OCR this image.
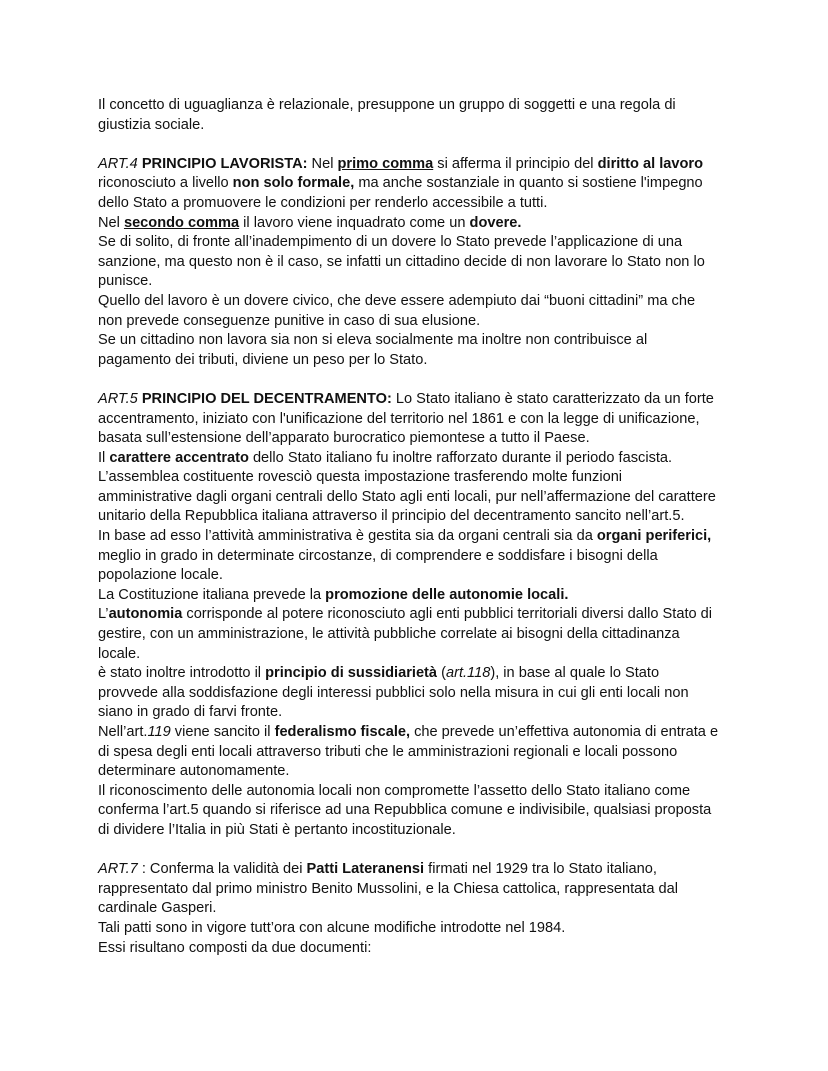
Il concetto di uguaglianza è relazionale, presuppone un gruppo di soggetti e una regola di
giustizia sociale.
ART.4 PRINCIPIO LAVORISTA: Nel primo comma si afferma il principio del diritto al lavoro
riconosciuto a livello non solo formale, ma anche sostanziale in quanto si sostiene l'impegno
dello Stato a promuovere le condizioni per renderlo accessibile a tutti.
Nel secondo comma il lavoro viene inquadrato come un dovere.
Se di solito, di fronte all’inadempimento di un dovere lo Stato prevede l’applicazione di una
sanzione, ma questo non è il caso, se infatti un cittadino decide di non lavorare lo Stato non lo
punisce.
Quello del lavoro è un dovere civico, che deve essere adempiuto dai “buoni cittadini” ma che
non prevede conseguenze punitive in caso di sua elusione.
Se un cittadino non lavora sia non si eleva socialmente ma inoltre non contribuisce al
pagamento dei tributi, diviene un peso per lo Stato.
ART.5 PRINCIPIO DEL DECENTRAMENTO: Lo Stato italiano è stato caratterizzato da un forte
accentramento, iniziato con l'unificazione del territorio nel 1861 e con la legge di unificazione,
basata sull’estensione dell’apparato burocratico piemontese a tutto il Paese.
Il carattere accentrato dello Stato italiano fu inoltre rafforzato durante il periodo fascista.
L’assemblea costituente rovesciò questa impostazione trasferendo molte funzioni
amministrative dagli organi centrali dello Stato agli enti locali, pur nell’affermazione del carattere
unitario della Repubblica italiana attraverso il principio del decentramento sancito nell’art.5.
In base ad esso l’attività amministrativa è gestita sia da organi centrali sia da organi periferici,
meglio in grado in determinate circostanze, di comprendere e soddisfare i bisogni della
popolazione locale.
La Costituzione italiana prevede la promozione delle autonomie locali.
L’autonomia corrisponde al potere riconosciuto agli enti pubblici territoriali diversi dallo Stato di
gestire, con un amministrazione, le attività pubbliche correlate ai bisogni della cittadinanza
locale.
è stato inoltre introdotto il principio di sussidiarietà (art.118), in base al quale lo Stato
provvede alla soddisfazione degli interessi pubblici solo nella misura in cui gli enti locali non
siano in grado di farvi fronte.
Nell’art.119 viene sancito il federalismo fiscale, che prevede un’effettiva autonomia di entrata e
di spesa degli enti locali attraverso tributi che le amministrazioni regionali e locali possono
determinare autonomamente.
Il riconoscimento delle autonomia locali non compromette l’assetto dello Stato italiano come
conferma l’art.5 quando si riferisce ad una Repubblica comune e indivisibile, qualsiasi proposta
di dividere l’Italia in più Stati è pertanto incostituzionale.
ART.7 : Conferma la validità dei Patti Lateranensi firmati nel 1929 tra lo Stato italiano,
rappresentato dal primo ministro Benito Mussolini, e la Chiesa cattolica, rappresentata dal
cardinale Gasperi.
Tali patti sono in vigore tutt’ora con alcune modifiche introdotte nel 1984.
Essi risultano composti da due documenti:
